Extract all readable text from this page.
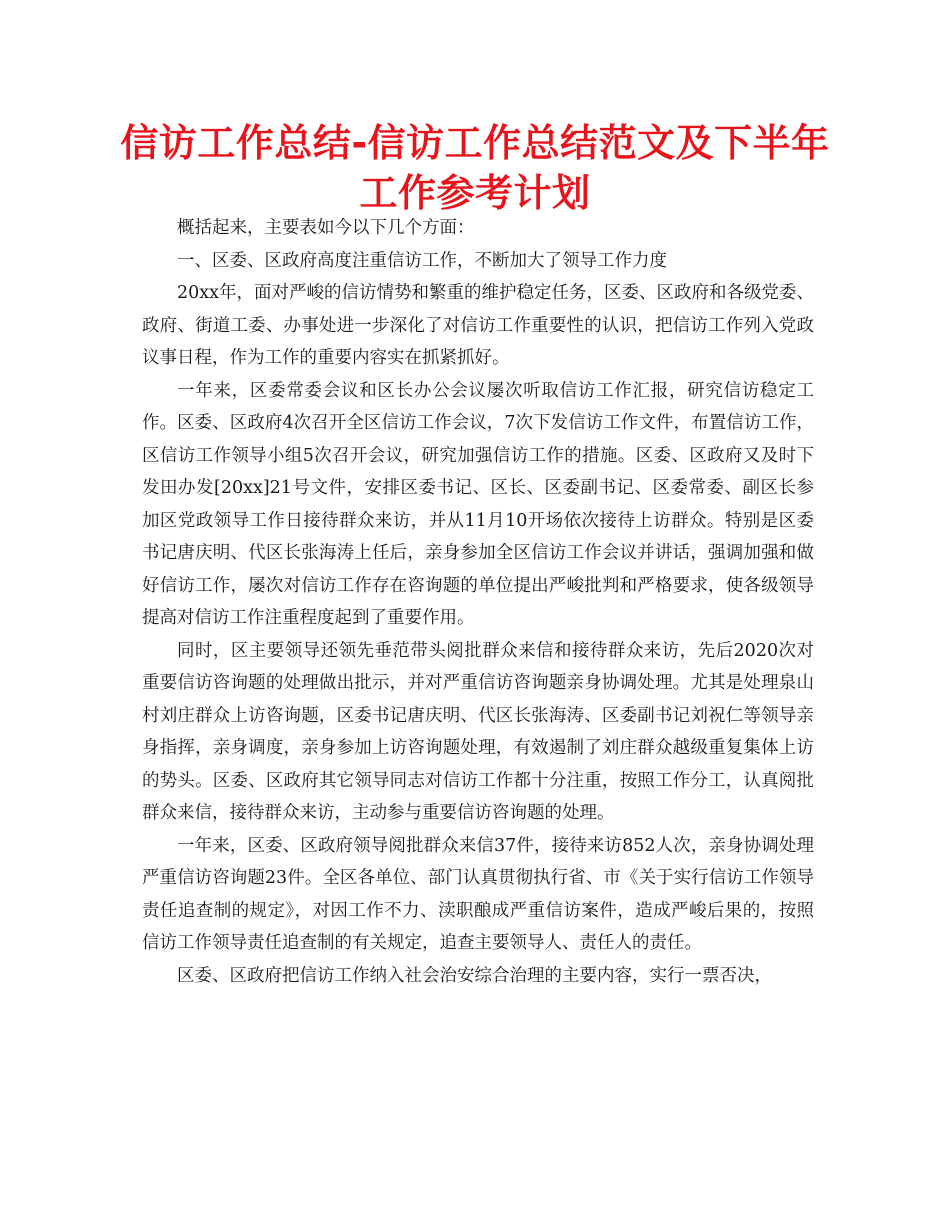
信访工作总结-信访工作总结范文及下半年
工作参考计划

概括起来，主要表如今以下几个方面：

一、区委、区政府高度注重信访工作，不断加大了领导工作力度

20xx年，面对严峻的信访情势和繁重的维护稳定任务，区委、区政府和各级党委、政府、街道工委、办事处进一步深化了对信访工作重要性的认识，把信访工作列入党政议事日程，作为工作的重要内容实在抓紧抓好。

一年来，区委常委会议和区长办公会议屡次听取信访工作汇报，研究信访稳定工作。区委、区政府4次召开全区信访工作会议，7次下发信访工作文件，布置信访工作，区信访工作领导小组5次召开会议，研究加强信访工作的措施。区委、区政府又及时下发田办发[20xx]21号文件，安排区委书记、区长、区委副书记、区委常委、副区长参加区党政领导工作日接待群众来访，并从11月10开场依次接待上访群众。特别是区委书记唐庆明、代区长张海涛上任后，亲身参加全区信访工作会议并讲话，强调加强和做好信访工作，屡次对信访工作存在咨询题的单位提出严峻批判和严格要求，使各级领导提高对信访工作注重程度起到了重要作用。

同时，区主要领导还领先垂范带头阅批群众来信和接待群众来访，先后2020次对重要信访咨询题的处理做出批示，并对严重信访咨询题亲身协调处理。尤其是处理泉山村刘庄群众上访咨询题，区委书记唐庆明、代区长张海涛、区委副书记刘祝仁等领导亲身指挥，亲身调度，亲身参加上访咨询题处理，有效遏制了刘庄群众越级重复集体上访的势头。区委、区政府其它领导同志对信访工作都十分注重，按照工作分工，认真阅批群众来信，接待群众来访，主动参与重要信访咨询题的处理。

一年来，区委、区政府领导阅批群众来信37件，接待来访852人次，亲身协调处理严重信访咨询题23件。全区各单位、部门认真贯彻执行省、市《关于实行信访工作领导责任追查制的规定》，对因工作不力、渎职酿成严重信访案件，造成严峻后果的，按照信访工作领导责任追查制的有关规定，追查主要领导人、责任人的责任。

区委、区政府把信访工作纳入社会治安综合治理的主要内容，实行一票否决，
